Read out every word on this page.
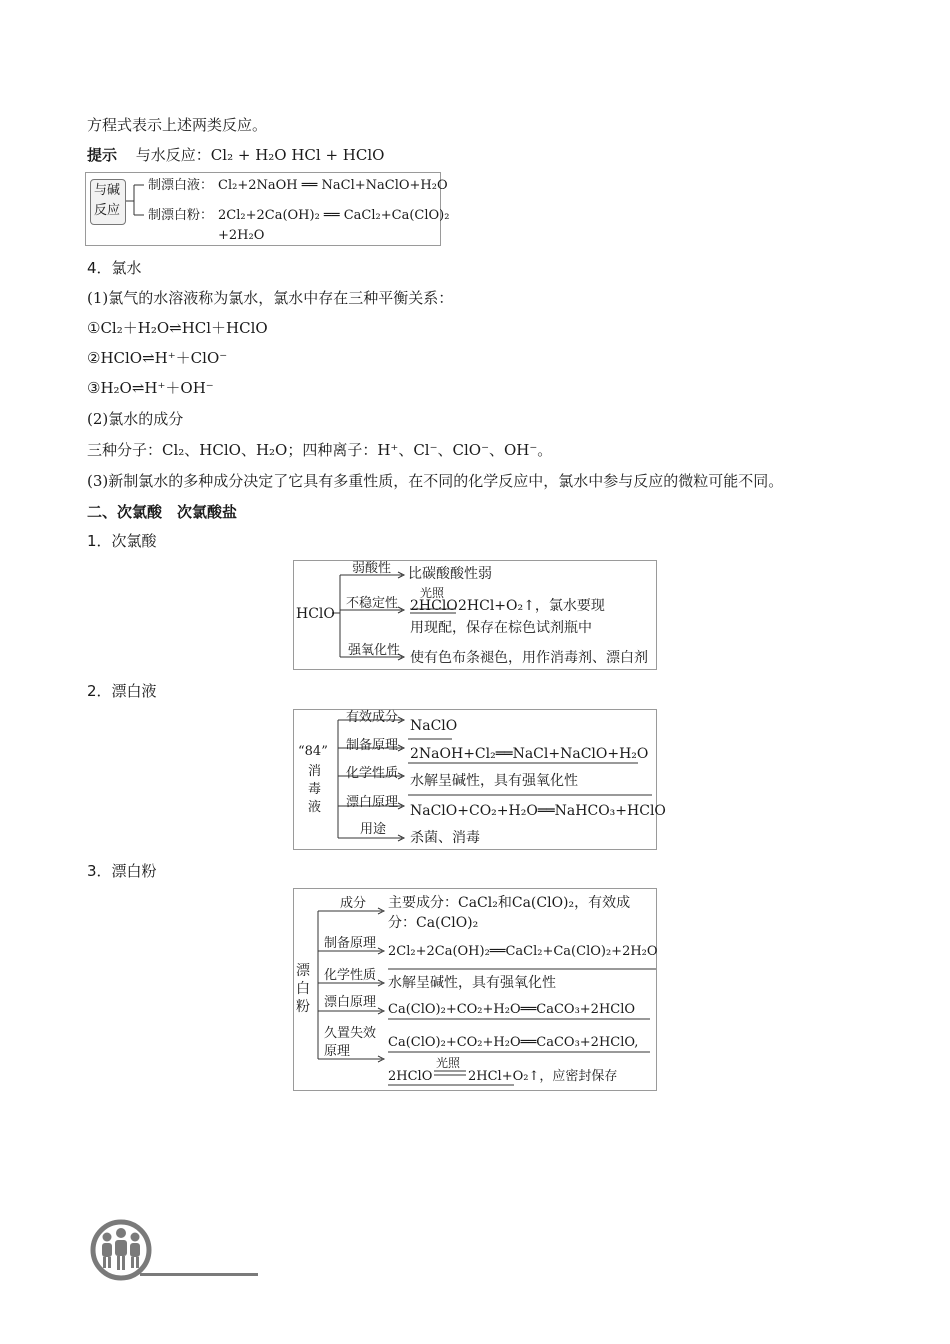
方程式表示上述两类反应。
提示 与水反应：Cl₂ + H₂O HCl + HClO
与碱
反应
制漂白液： Cl₂+2NaOH ══ NaCl+NaClO+H₂O
制漂白粉： 2Cl₂+2Ca(OH)₂ ══ CaCl₂+Ca(ClO)₂
+2H₂O
4．氯水
(1)氯气的水溶液称为氯水，氯水中存在三种平衡关系：
①Cl₂＋H₂O⇌HCl＋HClO
②HClO⇌H⁺＋ClO⁻
③H₂O⇌H⁺＋OH⁻
(2)氯水的成分
三种分子：Cl₂、HClO、H₂O；四种离子：H⁺、Cl⁻、ClO⁻、OH⁻。
(3)新制氯水的多种成分决定了它具有多重性质，在不同的化学反应中，氯水中参与反应的微粒可能不同。
二、次氯酸　次氯酸盐
1．次氯酸
HClO
弱酸性 比碳酸酸性弱
不稳定性 2HClO
光照
2HCl+O₂↑，氯水要现
用现配，保存在棕色试剂瓶中
强氧化性 使有色布条褪色，用作消毒剂、漂白剂
2．漂白液
“84”
消
毒
液
有效成分
NaClO
制备原理
2NaOH+Cl₂══NaCl+NaClO+H₂O
化学性质 水解呈碱性，具有强氧化性
漂白原理
NaClO+CO₂+H₂O══NaHCO₃+HClO
用途
杀菌、消毒
3．漂白粉
漂
白
粉
成分 主要成分：CaCl₂和Ca(ClO)₂，有效成
分：Ca(ClO)₂
制备原理
2Cl₂+2Ca(OH)₂══CaCl₂+Ca(ClO)₂+2H₂O
化学性质 水解呈碱性，具有强氧化性
漂白原理 Ca(ClO)₂+CO₂+H₂O══CaCO₃+2HClO
久置失效
原理
Ca(ClO)₂+CO₂+H₂O══CaCO₃+2HClO,
2HClO
光照
2HCl+O₂↑，应密封保存
